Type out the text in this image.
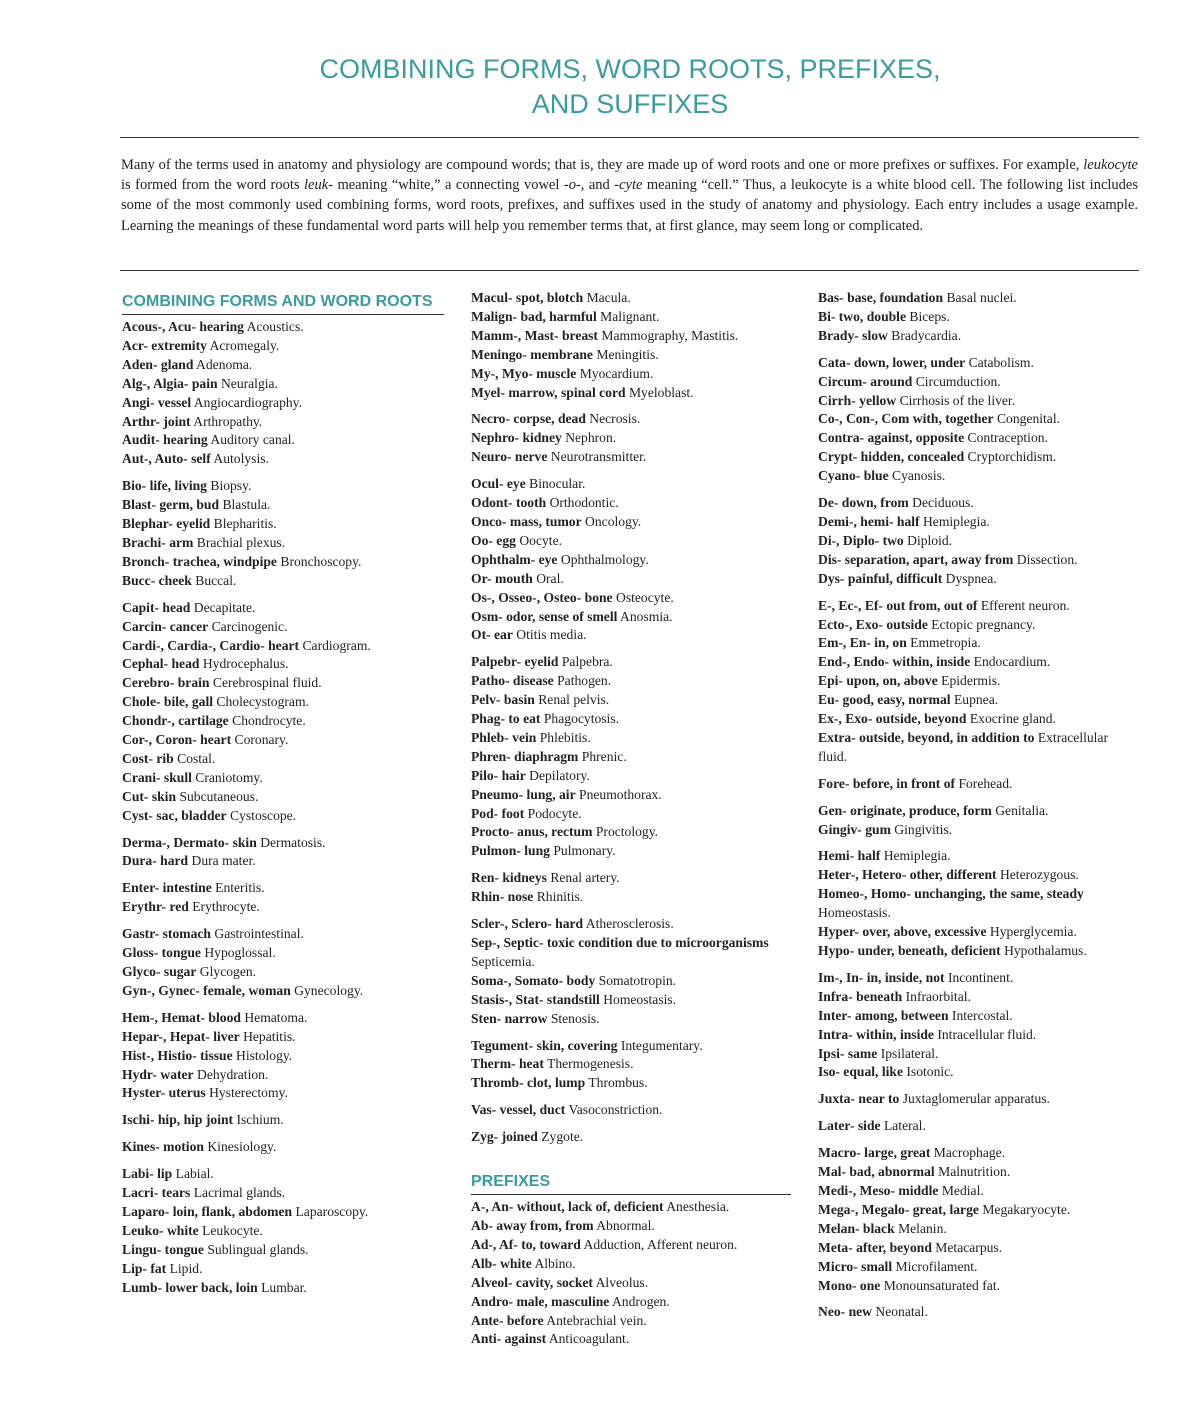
COMBINING FORMS, WORD ROOTS, PREFIXES,
AND SUFFIXES

Many of the terms used in anatomy and physiology are compound words; that is, they are made up of word roots and one or more prefixes or suffixes. For example, leukocyte is formed from the word roots leuk- meaning “white,” a connecting vowel -o-, and -cyte meaning “cell.” Thus, a leukocyte is a white blood cell. The following list includes some of the most commonly used combining forms, word roots, prefixes, and suffixes used in the study of anatomy and physiology. Each entry includes a usage example. Learning the meanings of these fundamental word parts will help you remember terms that, at first glance, may seem long or complicated.

COMBINING FORMS AND WORD ROOTS
Acous-, Acu- hearing Acoustics.
Acr- extremity Acromegaly.
Aden- gland Adenoma.
Alg-, Algia- pain Neuralgia.
Angi- vessel Angiocardiography.
Arthr- joint Arthropathy.
Audit- hearing Auditory canal.
Aut-, Auto- self Autolysis.
Bio- life, living Biopsy.
Blast- germ, bud Blastula.
Blephar- eyelid Blepharitis.
Brachi- arm Brachial plexus.
Bronch- trachea, windpipe Bronchoscopy.
Bucc- cheek Buccal.
Capit- head Decapitate.
Carcin- cancer Carcinogenic.
Cardi-, Cardia-, Cardio- heart Cardiogram.
Cephal- head Hydrocephalus.
Cerebro- brain Cerebrospinal fluid.
Chole- bile, gall Cholecystogram.
Chondr-, cartilage Chondrocyte.
Cor-, Coron- heart Coronary.
Cost- rib Costal.
Crani- skull Craniotomy.
Cut- skin Subcutaneous.
Cyst- sac, bladder Cystoscope.
Derma-, Dermato- skin Dermatosis.
Dura- hard Dura mater.
Enter- intestine Enteritis.
Erythr- red Erythrocyte.
Gastr- stomach Gastrointestinal.
Gloss- tongue Hypoglossal.
Glyco- sugar Glycogen.
Gyn-, Gynec- female, woman Gynecology.
Hem-, Hemat- blood Hematoma.
Hepar-, Hepat- liver Hepatitis.
Hist-, Histio- tissue Histology.
Hydr- water Dehydration.
Hyster- uterus Hysterectomy.
Ischi- hip, hip joint Ischium.
Kines- motion Kinesiology.
Labi- lip Labial.
Lacri- tears Lacrimal glands.
Laparo- loin, flank, abdomen Laparoscopy.
Leuko- white Leukocyte.
Lingu- tongue Sublingual glands.
Lip- fat Lipid.
Lumb- lower back, loin Lumbar.
Macul- spot, blotch Macula.
Malign- bad, harmful Malignant.
Mamm-, Mast- breast Mammography, Mastitis.
Meningo- membrane Meningitis.
My-, Myo- muscle Myocardium.
Myel- marrow, spinal cord Myeloblast.
Necro- corpse, dead Necrosis.
Nephro- kidney Nephron.
Neuro- nerve Neurotransmitter.
Ocul- eye Binocular.
Odont- tooth Orthodontic.
Onco- mass, tumor Oncology.
Oo- egg Oocyte.
Ophthalm- eye Ophthalmology.
Or- mouth Oral.
Os-, Osseo-, Osteo- bone Osteocyte.
Osm- odor, sense of smell Anosmia.
Ot- ear Otitis media.
Palpebr- eyelid Palpebra.
Patho- disease Pathogen.
Pelv- basin Renal pelvis.
Phag- to eat Phagocytosis.
Phleb- vein Phlebitis.
Phren- diaphragm Phrenic.
Pilo- hair Depilatory.
Pneumo- lung, air Pneumothorax.
Pod- foot Podocyte.
Procto- anus, rectum Proctology.
Pulmon- lung Pulmonary.
Ren- kidneys Renal artery.
Rhin- nose Rhinitis.
Scler-, Sclero- hard Atherosclerosis.
Sep-, Septic- toxic condition due to microorganisms Septicemia.
Soma-, Somato- body Somatotropin.
Stasis-, Stat- standstill Homeostasis.
Sten- narrow Stenosis.
Tegument- skin, covering Integumentary.
Therm- heat Thermogenesis.
Thromb- clot, lump Thrombus.
Vas- vessel, duct Vasoconstriction.
Zyg- joined Zygote.
PREFIXES
A-, An- without, lack of, deficient Anesthesia.
Ab- away from, from Abnormal.
Ad-, Af- to, toward Adduction, Afferent neuron.
Alb- white Albino.
Alveol- cavity, socket Alveolus.
Andro- male, masculine Androgen.
Ante- before Antebrachial vein.
Anti- against Anticoagulant.
Bas- base, foundation Basal nuclei.
Bi- two, double Biceps.
Brady- slow Bradycardia.
Cata- down, lower, under Catabolism.
Circum- around Circumduction.
Cirrh- yellow Cirrhosis of the liver.
Co-, Con-, Com with, together Congenital.
Contra- against, opposite Contraception.
Crypt- hidden, concealed Cryptorchidism.
Cyano- blue Cyanosis.
De- down, from Deciduous.
Demi-, hemi- half Hemiplegia.
Di-, Diplo- two Diploid.
Dis- separation, apart, away from Dissection.
Dys- painful, difficult Dyspnea.
E-, Ec-, Ef- out from, out of Efferent neuron.
Ecto-, Exo- outside Ectopic pregnancy.
Em-, En- in, on Emmetropia.
End-, Endo- within, inside Endocardium.
Epi- upon, on, above Epidermis.
Eu- good, easy, normal Eupnea.
Ex-, Exo- outside, beyond Exocrine gland.
Extra- outside, beyond, in addition to Extracellular fluid.
Fore- before, in front of Forehead.
Gen- originate, produce, form Genitalia.
Gingiv- gum Gingivitis.
Hemi- half Hemiplegia.
Heter-, Hetero- other, different Heterozygous.
Homeo-, Homo- unchanging, the same, steady Homeostasis.
Hyper- over, above, excessive Hyperglycemia.
Hypo- under, beneath, deficient Hypothalamus.
Im-, In- in, inside, not Incontinent.
Infra- beneath Infraorbital.
Inter- among, between Intercostal.
Intra- within, inside Intracellular fluid.
Ipsi- same Ipsilateral.
Iso- equal, like Isotonic.
Juxta- near to Juxtaglomerular apparatus.
Later- side Lateral.
Macro- large, great Macrophage.
Mal- bad, abnormal Malnutrition.
Medi-, Meso- middle Medial.
Mega-, Megalo- great, large Megakaryocyte.
Melan- black Melanin.
Meta- after, beyond Metacarpus.
Micro- small Microfilament.
Mono- one Monounsaturated fat.
Neo- new Neonatal.
